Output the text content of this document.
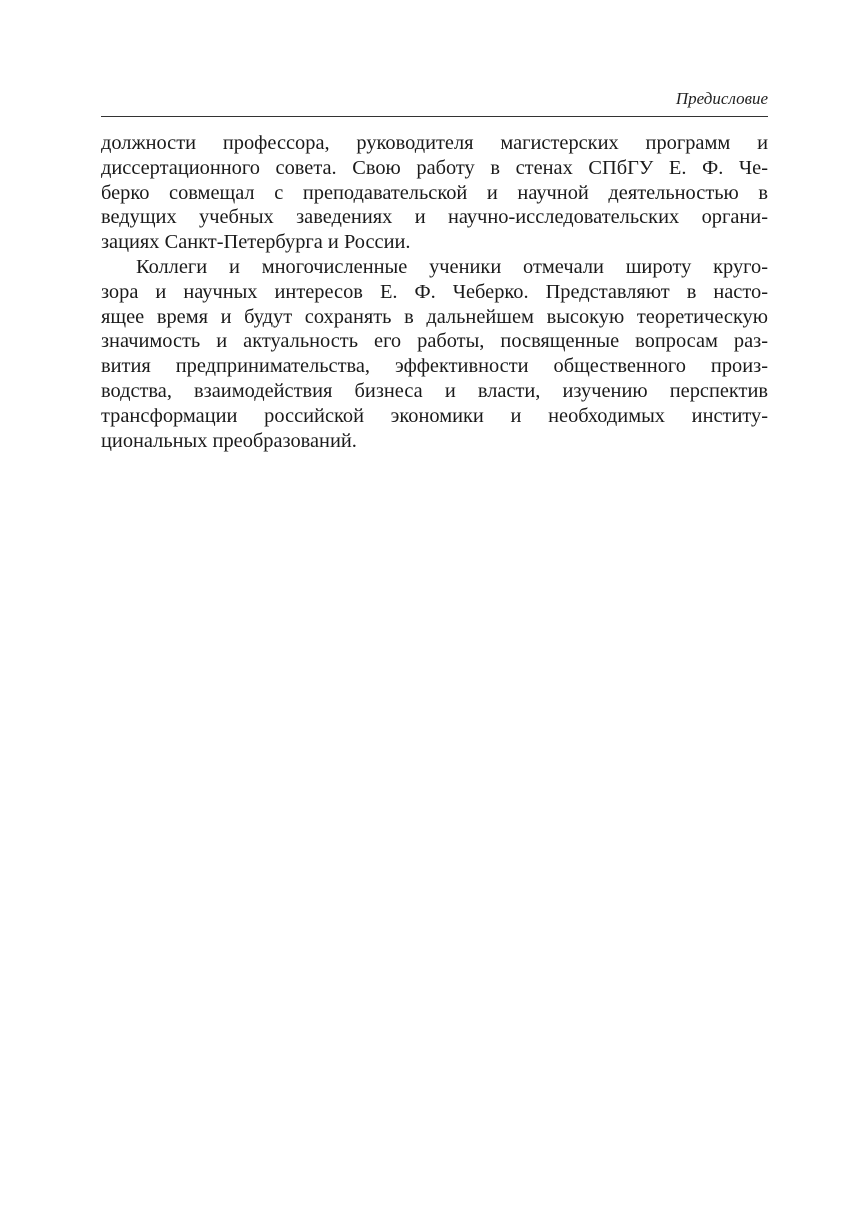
Предисловие
должности профессора, руководителя магистерских программ и
диссертационного совета. Свою работу в стенах СПбГУ Е. Ф. Че-
берко совмещал с преподавательской и научной деятельностью в
ведущих учебных заведениях и научно-исследовательских органи-
зациях Санкт-Петербурга и России.
Коллеги и многочисленные ученики отмечали широту круго-
зора и научных интересов Е. Ф. Чеберко. Представляют в насто-
ящее время и будут сохранять в дальнейшем высокую теоретическую
значимость и актуальность его работы, посвященные вопросам раз-
вития предпринимательства, эффективности общественного произ-
водства, взаимодействия бизнеса и власти, изучению перспектив
трансформации российской экономики и необходимых институ-
циональных преобразований.
